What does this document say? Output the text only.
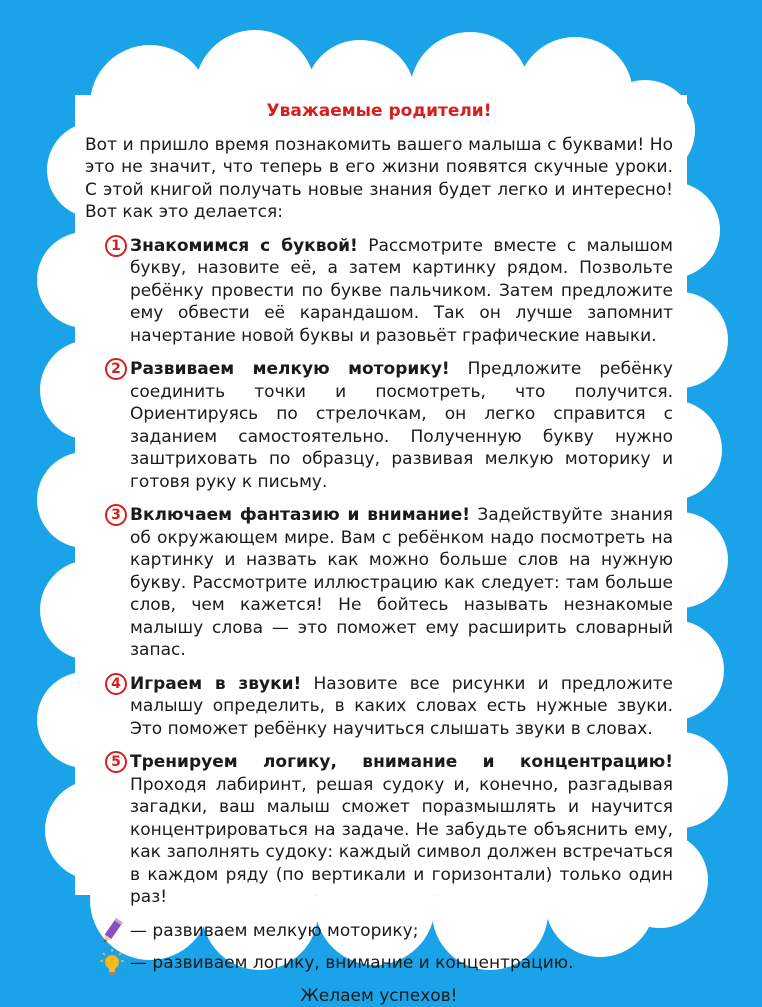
Уважаемые родители!
Вот и пришло время познакомить вашего малыша с буквами! Но это не значит, что теперь в его жизни появятся скучные уроки. С этой книгой получать новые знания будет легко и интересно! Вот как это делается:
1 Знакомимся с буквой! Рассмотрите вместе с малышом букву, назовите её, а затем картинку рядом. Позвольте ребёнку провести по букве пальчиком. Затем предложите ему обвести её карандашом. Так он лучше запомнит начертание новой буквы и разовьёт графические навыки.
2 Развиваем мелкую моторику! Предложите ребёнку соединить точки и посмотреть, что получится. Ориентируясь по стрелочкам, он легко справится с заданием самостоятельно. Полученную букву нужно заштриховать по образцу, развивая мелкую моторику и готовя руку к письму.
3 Включаем фантазию и внимание! Задействуйте знания об окружающем мире. Вам с ребёнком надо посмотреть на картинку и назвать как можно больше слов на нужную букву. Рассмотрите иллюстрацию как следует: там больше слов, чем кажется! Не бойтесь называть незнакомые малышу слова — это поможет ему расширить словарный запас.
4 Играем в звуки! Назовите все рисунки и предложите малышу определить, в каких словах есть нужные звуки. Это поможет ребёнку научиться слышать звуки в словах.
5 Тренируем логику, внимание и концентрацию! Проходя лабиринт, решая судоку и, конечно, разгадывая загадки, ваш малыш сможет поразмышлять и научится концентрироваться на задаче. Не забудьте объяснить ему, как заполнять судоку: каждый символ должен встречаться в каждом ряду (по вертикали и горизонтали) только один раз!
— развиваем мелкую моторику;
— развиваем логику, внимание и концентрацию.
Желаем успехов!
